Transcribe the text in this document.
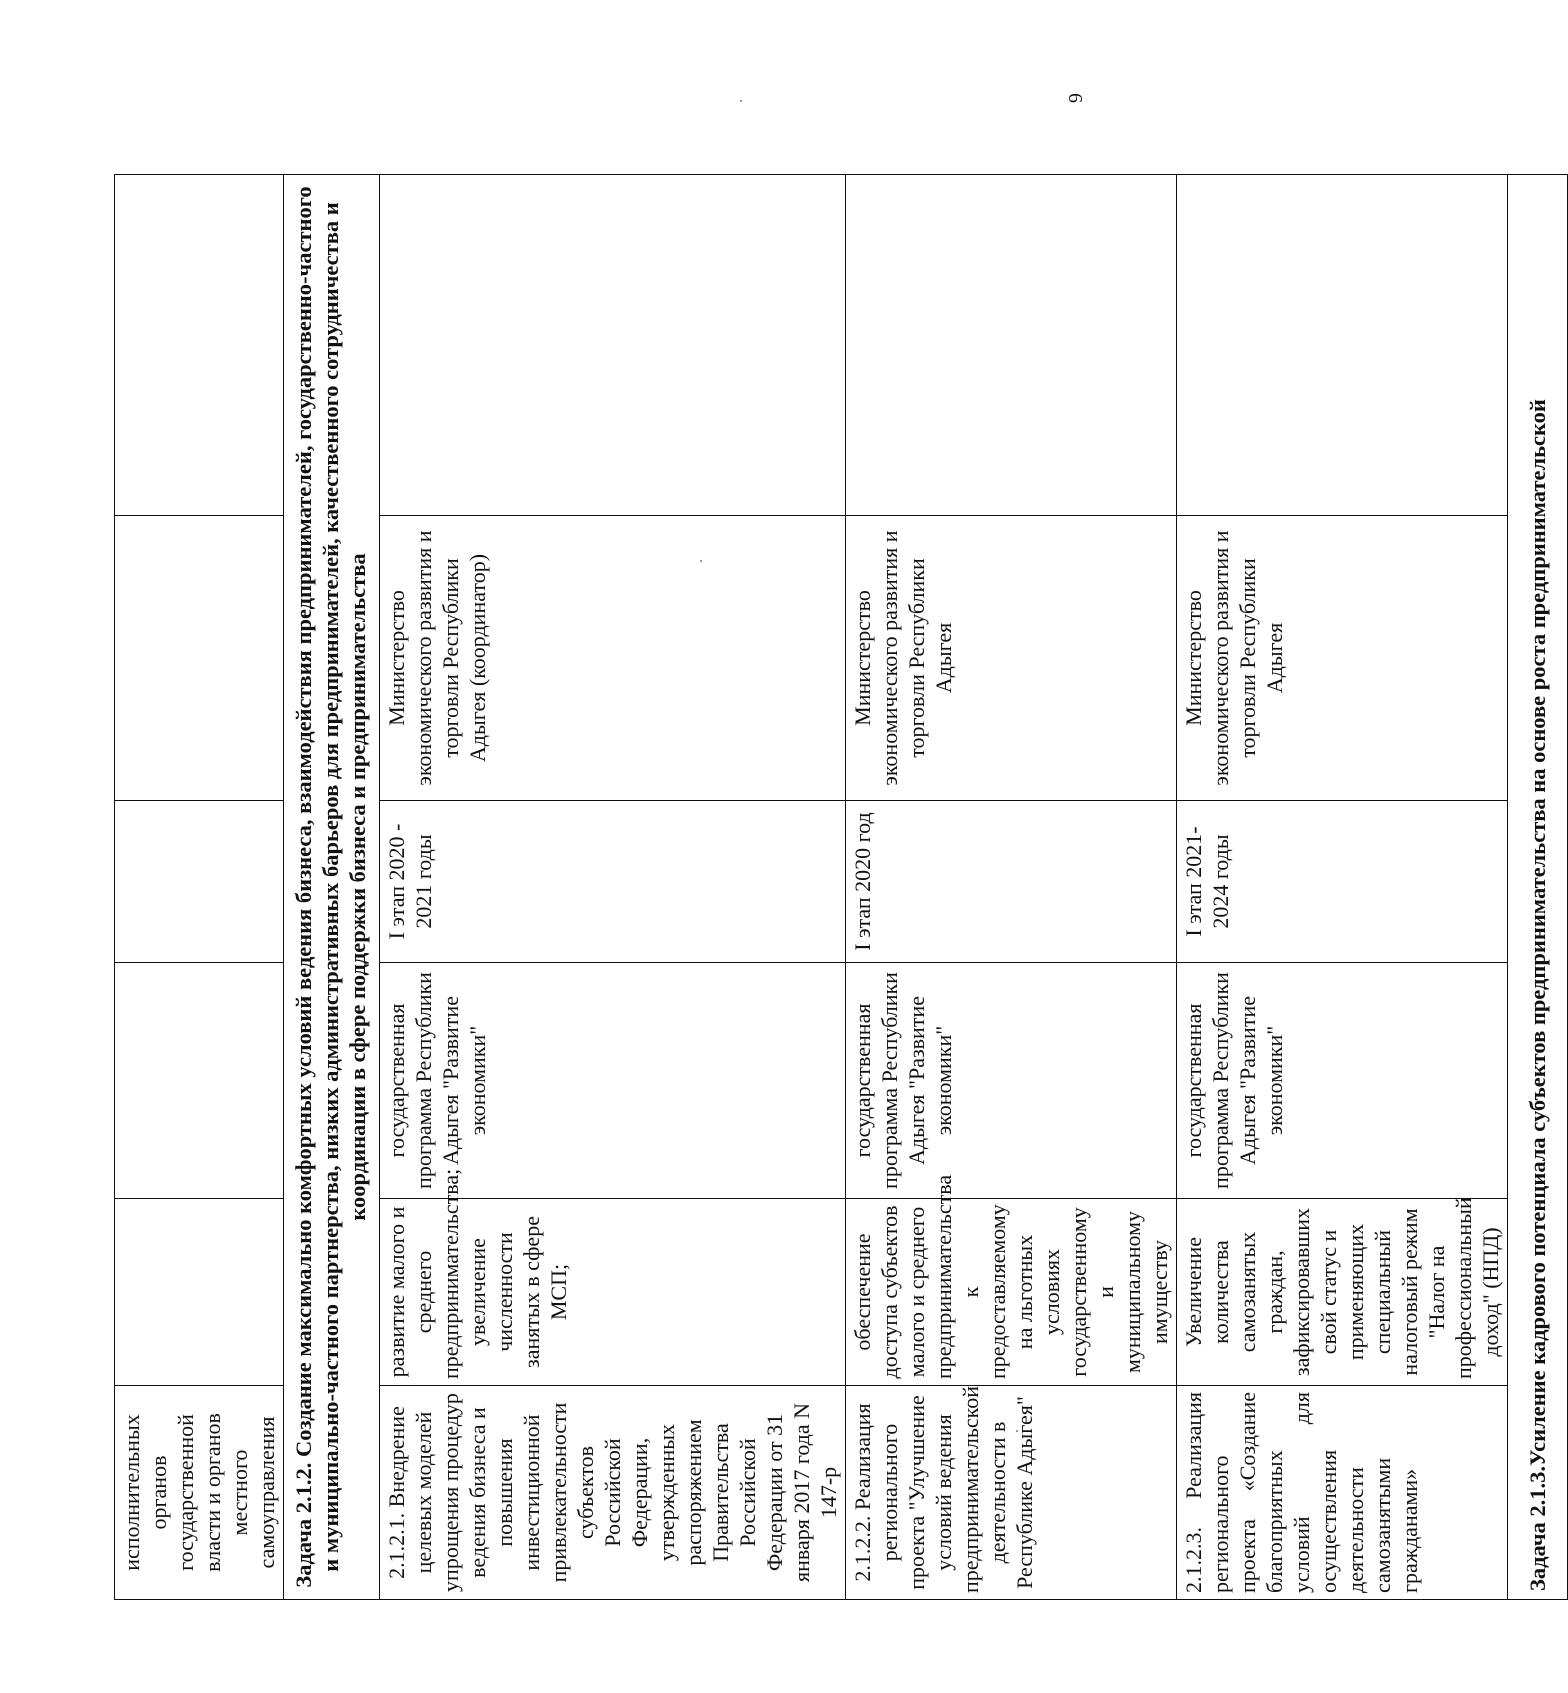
6
исполнительных органов государственной власти и органов местного самоуправления					
Задача 2.1.2. Создание максимально комфортных условий ведения бизнеса, взаимодействия предпринимателей, государственно-частного и муниципально-частного партнерства, низких административных барьеров для предпринимателей, качественного сотрудничества и координации в сфере поддержки бизнеса и предпринимательства					
2.1.2.1. Внедрение целевых моделей упрощения процедур ведения бизнеса и повышения инвестиционной привлекательности субъектов Российской Федерации, утвержденных распоряжением Правительства Российской Федерации от 31 января 2017 года N 147-р	развитие малого и среднего предпринимательства; увеличение численности занятых в сфере МСП;	государственная программа Республики Адыгея "Развитие экономики"	I этап 2020 - 2021 годы	Министерство экономического развития и торговли Республики Адыгея (координатор)	
2.1.2.2. Реализация регионального проекта "Улучшение условий ведения предпринимательской деятельности в Республике Адыгея"	обеспечение доступа субъектов малого и среднего предпринимательства к предоставляемому на льготных условиях государственному и муниципальному имуществу	государственная программа Республики Адыгея "Развитие экономики"	I этап 2020 год	Министерство экономического развития и торговли Республики Адыгея	
2.1.2.3. Реализация регионального проекта «Создание благоприятных условий для осуществления деятельности самозанятыми гражданами»	Увеличение количества самозанятых граждан, зафиксировавших свой статус и применяющих специальный налоговый режим "Налог на профессиональный доход" (НПД)	государственная программа Республики Адыгея "Развитие экономики"	I этап 2021- 2024 годы	Министерство экономического развития и торговли Республики Адыгея	
Задача 2.1.3.Усиление кадрового потенциала субъектов предпринимательства на основе роста предпринимательской					
